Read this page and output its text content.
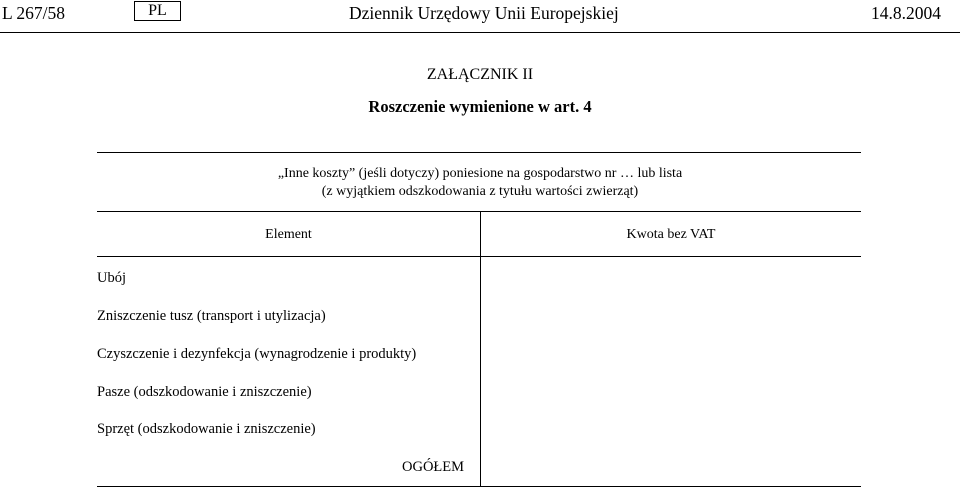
L 267/58	PL	Dziennik Urzędowy Unii Europejskiej	14.8.2004
ZAŁĄCZNIK II
Roszczenie wymienione w art. 4
„Inne koszty” (jeśli dotyczy) poniesione na gospodarstwo nr … lub lista
(z wyjątkiem odszkodowania z tytułu wartości zwierząt)
Element	Kwota bez VAT
Ubój
Zniszczenie tusz (transport i utylizacja)
Czyszczenie i dezynfekcja (wynagrodzenie i produkty)
Pasze (odszkodowanie i zniszczenie)
Sprzęt (odszkodowanie i zniszczenie)
OGÓŁEM
